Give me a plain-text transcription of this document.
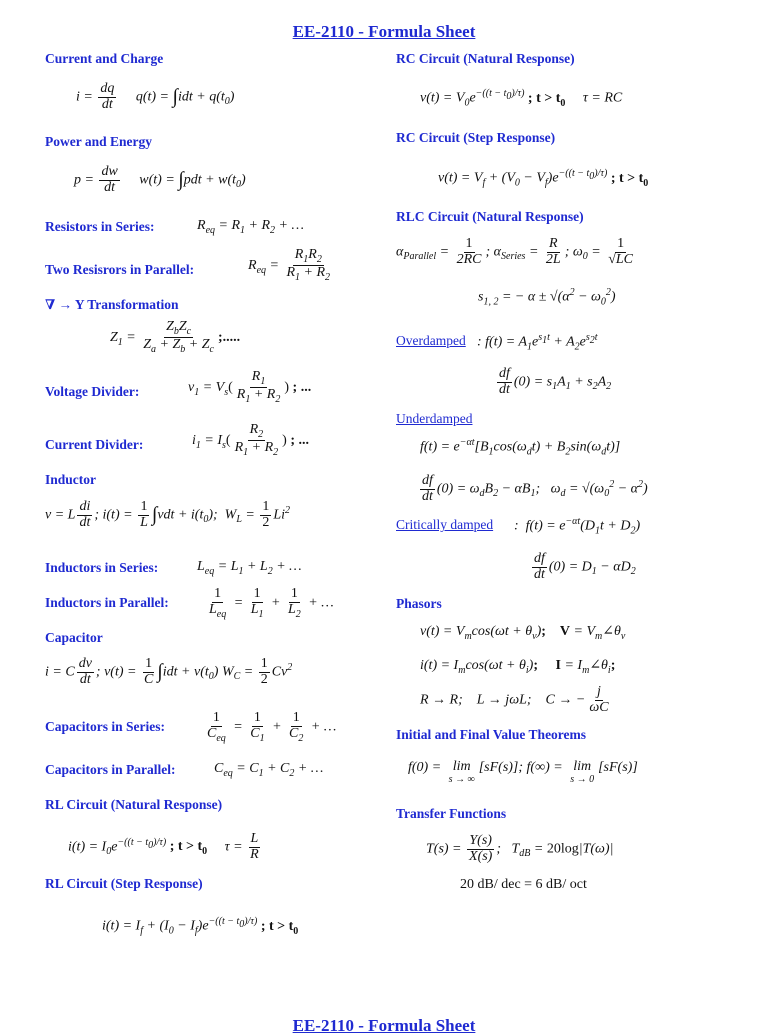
EE-2110 - Formula Sheet
Current and Charge
$i = \frac{dq}{dt} q(t) = \int idt + q(t_0)$
Power and Energy
$p = \frac{dw}{dt} w(t) = \int pdt + w(t_0)$
Resistors in Series:	$R_{eq} = R_1 + R_2$ + …
Two Resisrors in Parallel:	$R_{eq} = \frac{R_1R_2}{R_1 + R_2}$
∇ → Y Transformation
$Z_1 = \frac{Z_bZ_c}{Z_a + Z_b + Z_c}$ ;.....
Voltage Divider:	$v_1 = V_s( \frac{R_1}{R_1 + R_2}$ ) ; ...
Current Divider:	$i_1 = I_s( \frac{R_2}{R_1 + R_2}$ ) ; ...
Inductor
v = L $\frac{di}{dt}$ ; $i(t) = \frac{1}{L} \int vdt + i(t_0)$;  $W_L = \frac{1}{2} Li^2$
Inductors in Series:	$L_{eq} = L_1 + L_2$ + …
Inductors in Parallel:	$\frac{1}{L_{eq}} = \frac{1}{L_1} + \frac{1}{L_2}$ + …
Capacitor
i = C $\frac{dv}{dt}$ ; $v(t) = \frac{1}{C} \int idt + v(t_0) W_C = \frac{1}{2} Cv^2$
Capacitors in Series:	$\frac{1}{C_{eq}} = \frac{1}{C_1} + \frac{1}{C_2}$ + …
Capacitors in Parallel:	$C_{eq} = C_1 + C_2$ + …
RL Circuit (Natural Response)
$i(t) = I_0e^{-((t - t_0)/\tau)}$ ; $t > t_0$     $\tau = \frac{L}{R}$
RL Circuit (Step Response)
$i(t) = I_f + (I_0 - I_f)e^{-((t - t_0)/\tau)}$ ; $t > t_0$
RC Circuit (Natural Response)
$v(t) = V_0e^{-((t - t_0)/\tau)}$ ; $t > t_0$     τ = RC
RC Circuit (Step Response)
$v(t) = V_f + (V_0 - V_f)e^{-((t - t_0)/\tau)}$ ; $t > t_0$
RLC Circuit (Natural Response)
$\alpha_{Parallel} = \frac{1}{2RC}$ ; $\alpha_{Series} = \frac{R}{2L}$ ; $\omega_0 = \frac{1}{√LC}$
$s_{1, 2}$ = − $\alpha \pm √(\alpha^2 - \omega_0^2)$
Overdamped : $f(t) = A_1e^{s_1t} + A_2e^{s_2t}$
$\frac{df}{dt} (0) = s_1A_1 + s_2A_2$
Underdamped
$f(t) = e^{-\alpha t}[B_1\cos(\omega_dt) + B_2\sin(\omega_dt)]$
$\frac{df}{dt} (0) = \omega_dB_2 - \alpha B_1$;   $\omega_d = √(\omega_0^2 - \alpha^2)$
Critically damped :  $f(t) = e^{-\alpha t}(D_1t + D_2)$
$\frac{df}{dt} (0) = D_1 - \alpha D_2$
Phasors
$v(t) = V_m\cos(\omega t + \theta_v)$; $V = V_m\angle\theta_v$
$i(t) = I_m\cos(\omega t + \theta_i)$; $I = I_m\angle\theta_i$;
R → R;    L → jωL;    C → − $\frac{j}{\omega C}$
Initial and Final Value Theorems
f(0) = lim
s → ∞
[sF(s)]; f(∞) = lim
s → 0
[sF(s)]
Transfer Functions
$T(s) = \frac{Y(s)}{X(s)}$ ;   $T_{dB} = 20\log|T(\omega)|$
20 dB/ dec = 6 dB/ oct
EE-2110 - Formula Sheet
